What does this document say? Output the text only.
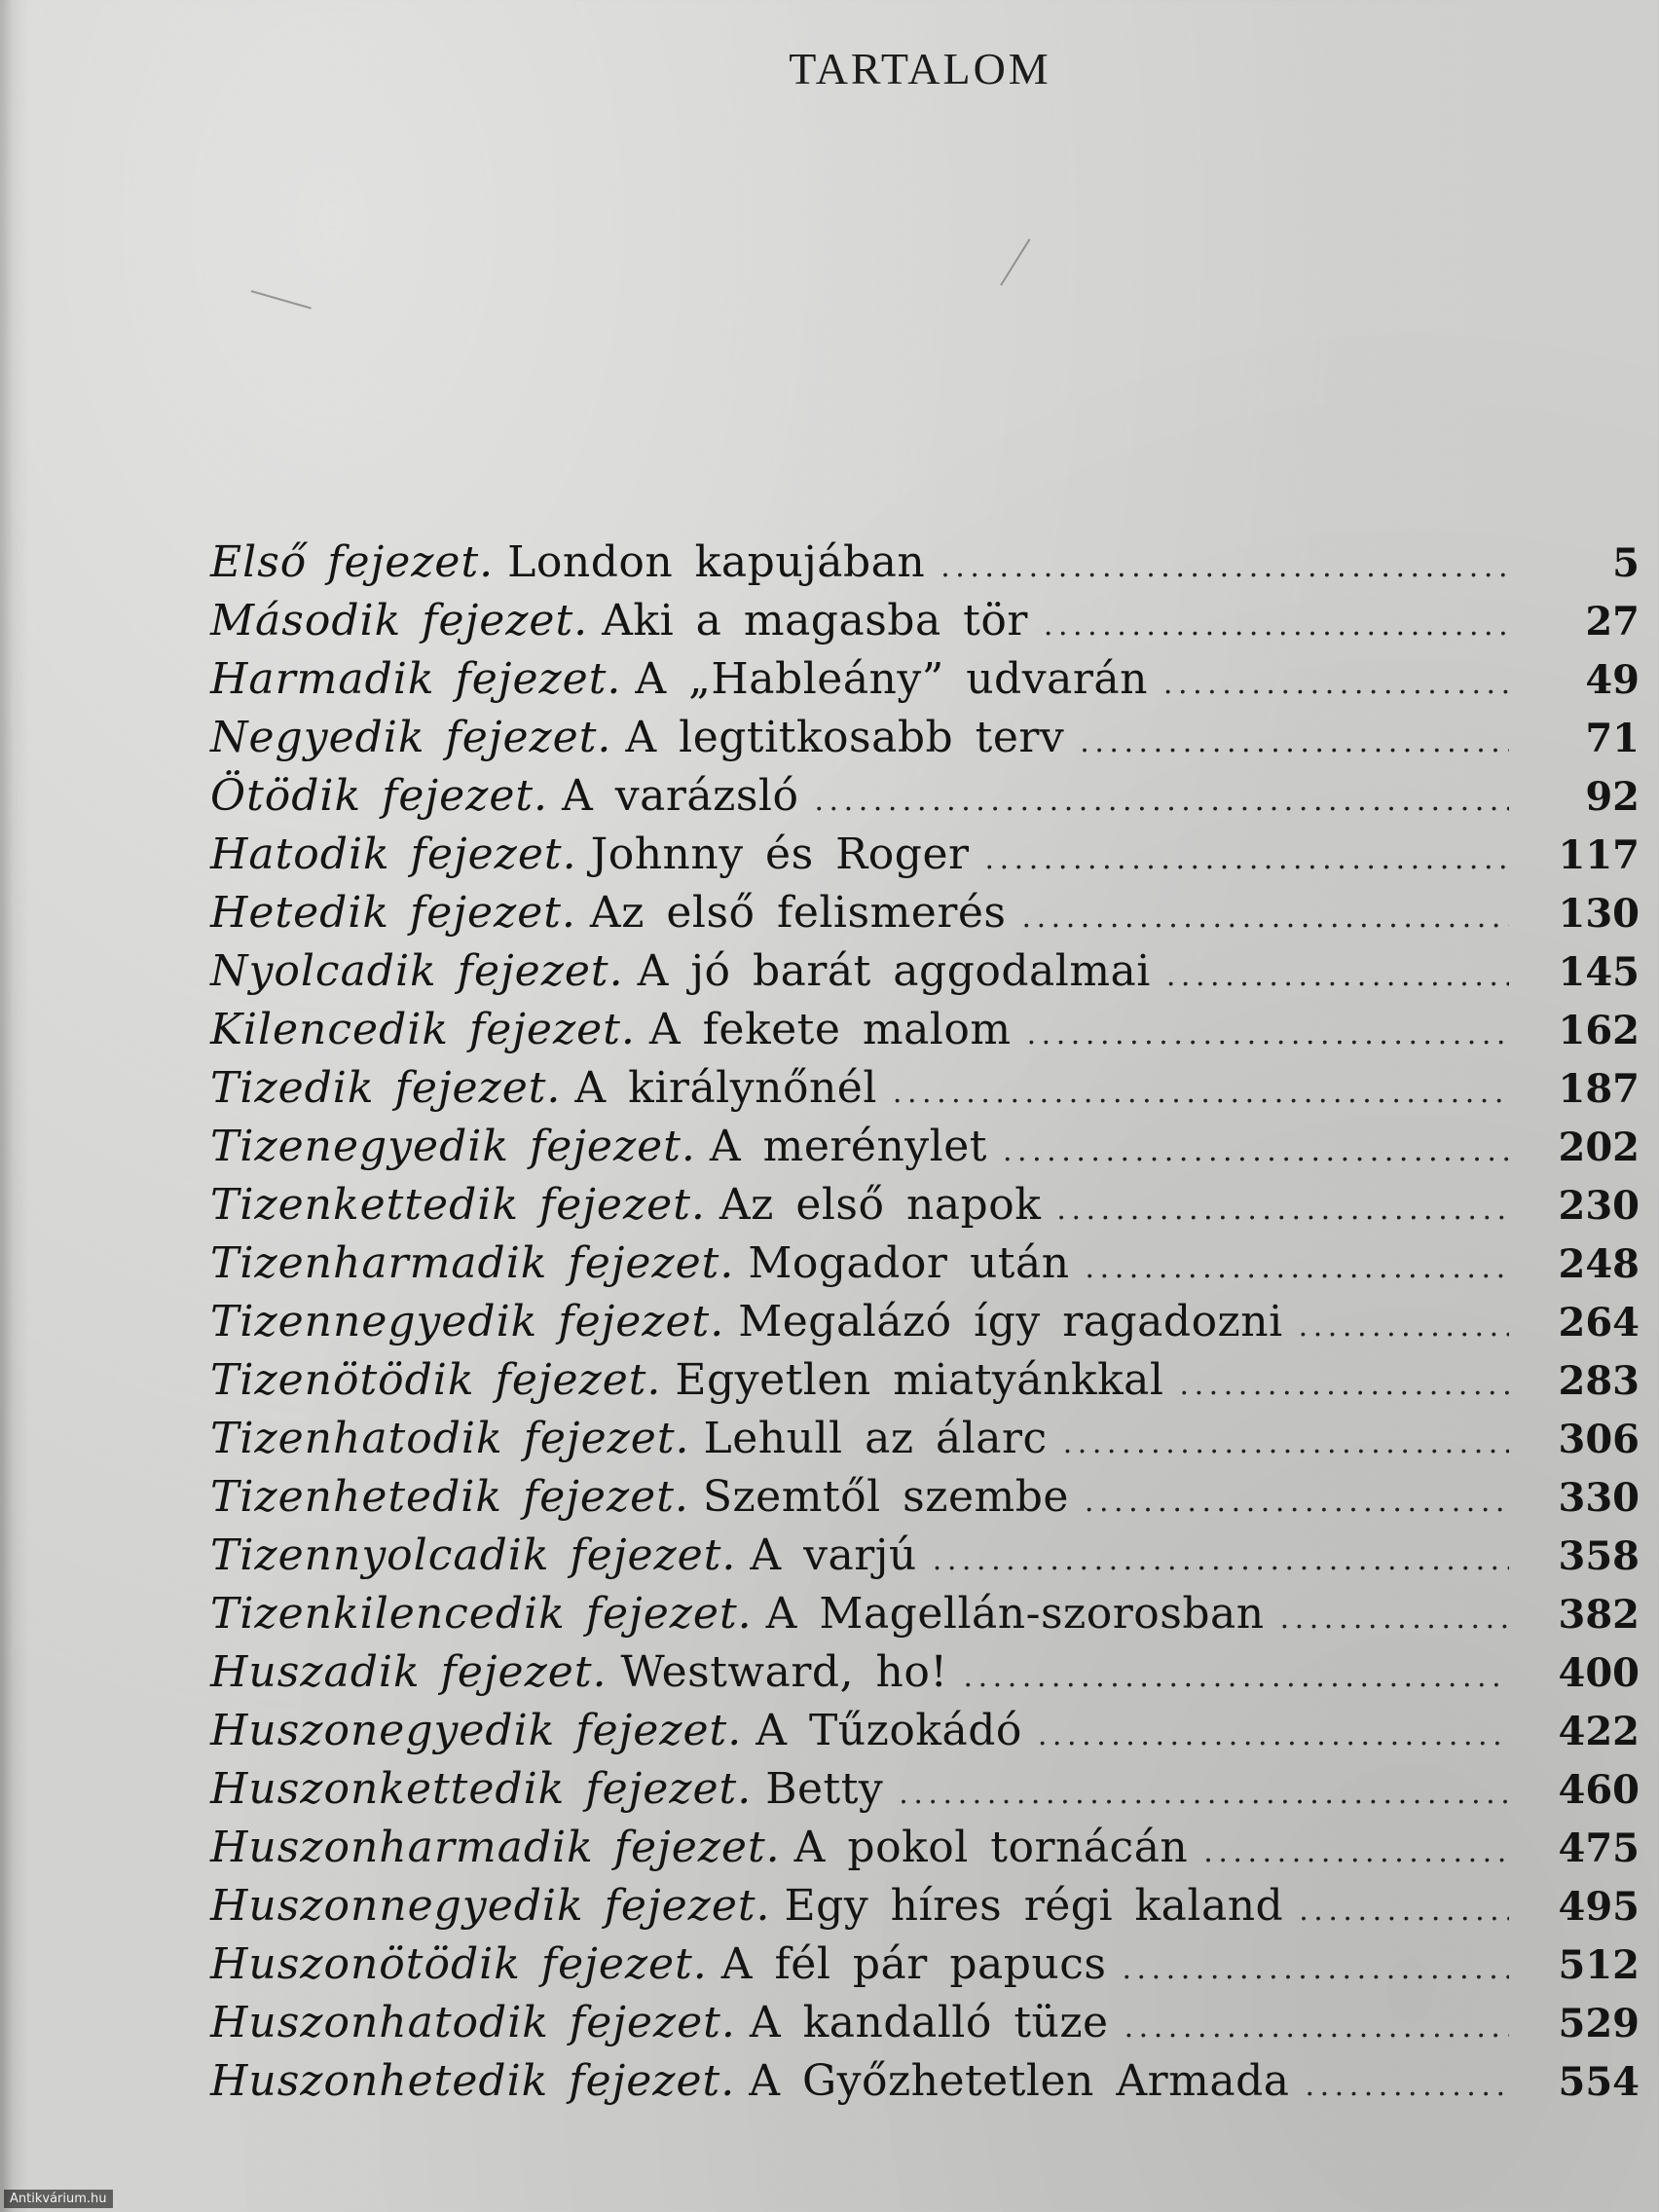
TARTALOM
Első fejezet. London kapujában . . .	5
Második fejezet. Aki a magasba tör . . .	27
Harmadik fejezet. A „Hableány” udvarán . . .	49
Negyedik fejezet. A legtitkosabb terv . . .	71
Ötödik fejezet. A varázsló . . .	92
Hatodik fejezet. Johnny és Roger . . .	117
Hetedik fejezet. Az első felismerés . . .	130
Nyolcadik fejezet. A jó barát aggodalmai . . .	145
Kilencedik fejezet. A fekete malom . . .	162
Tizedik fejezet. A királynőnél . . .	187
Tizenegyedik fejezet. A merénylet . . .	202
Tizenkettedik fejezet. Az első napok . . .	230
Tizenharmadik fejezet. Mogador után . . .	248
Tizennegyedik fejezet. Megalázó így ragadozni . . .	264
Tizenötödik fejezet. Egyetlen miatyánkkal . . .	283
Tizenhatodik fejezet. Lehull az álarc . . .	306
Tizenhetedik fejezet. Szemtől szembe . . .	330
Tizennyolcadik fejezet. A varjú . . .	358
Tizenkilencedik fejezet. A Magellán-szorosban . . .	382
Huszadik fejezet. Westward, ho! . . .	400
Huszonegyedik fejezet. A Tűzokádó . . .	422
Huszonkettedik fejezet. Betty . . .	460
Huszonharmadik fejezet. A pokol tornácán . . .	475
Huszonnegyedik fejezet. Egy híres régi kaland . . .	495
Huszonötödik fejezet. A fél pár papucs . . .	512
Huszonhatodik fejezet. A kandalló tüze . . .	529
Huszonhetedik fejezet. A Győzhetetlen Armada . . .	554
Antikvárium.hu
